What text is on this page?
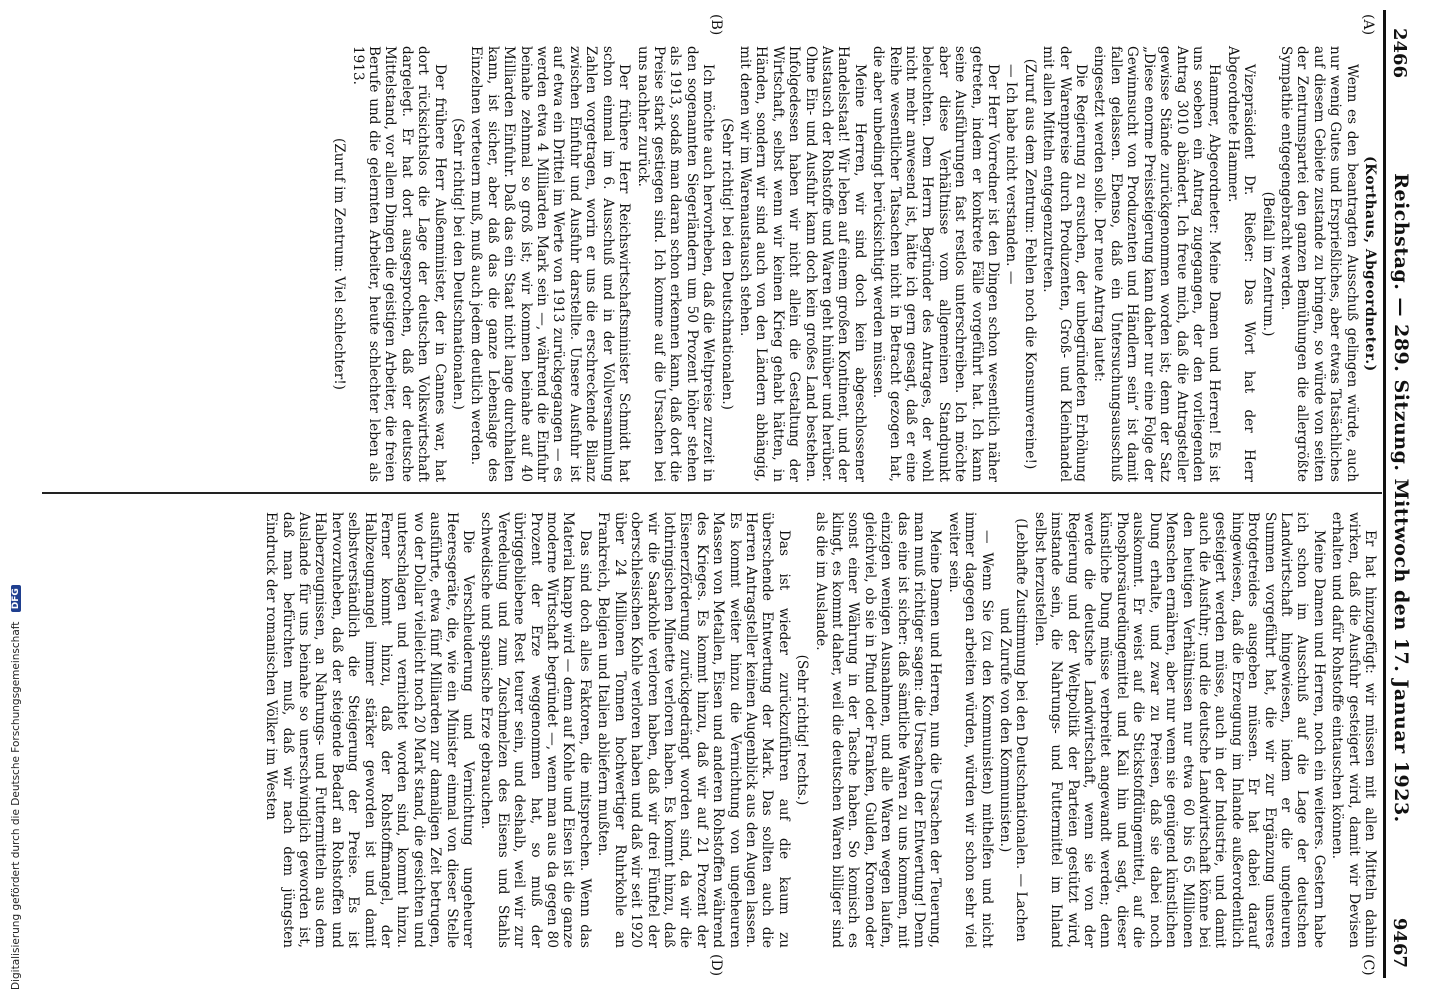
2466
Reichstag. — 289. Sitzung. Mittwoch den 17. Januar 1923.
9467
(A)
(B)
(C)
(D)

(Korthaus, Abgeordneter.)

Wenn es den beantragten Ausschuß gelingen würde, auch nur wenig Gutes und Ersprießliches, aber etwas Tatsächliches auf diesem Gebiete zustande zu bringen, so würde von seiten der Zentrumspartei den ganzen Bemühungen die allergrößte Sympathie entgegengebracht werden.

(Beifall im Zentrum.)

Vizepräsident Dr. Rießer: Das Wort hat der Herr Abgeordnete Hammer.

Hammer, Abgeordneter: Meine Damen und Herren! Es ist uns soeben ein Antrag zugegangen, der den vorliegenden Antrag 3010 abändert. Ich freue mich, daß die Antragsteller gewisse Stände zurückgenommen worden ist; denn der Satz „Diese enorme Preissteigerung kann daher nur eine Folge der Gewinnsucht von Produzenten und Händlern sein“ ist damit fallen gelassen. Ebenso, daß ein Untersuchungsausschuß eingesetzt werden solle. Der neue Antrag lautet:

Die Regierung zu ersuchen, der unbegründeten Erhöhung der Warenpreise durch Produzenten, Groß- und Kleinhandel mit allen Mitteln entgegenzutreten.

(Zuruf aus dem Zentrum: Fehlen noch die Konsumvereine!)

— Ich habe nicht verstanden. —

Der Herr Vorredner ist den Dingen schon wesentlich näher getreten, indem er konkrete Fälle vorgeführt hat. Ich kann seine Ausführungen fast restlos unterschreiben. Ich möchte aber diese Verhältnisse vom allgemeinen Standpunkt beleuchten. Dem Herrn Begründer des Antrages, der wohl nicht mehr anwesend ist, hätte ich gern gesagt, daß er eine Reihe wesentlicher Tatsachen nicht in Betracht gezogen hat, die aber unbedingt berücksichtigt werden müssen.

Meine Herren, wir sind doch kein abgeschlossener Handelsstaat! Wir leben auf einem großen Kontinent, und der Austausch der Rohstoffe und Waren geht hinüber und herüber. Ohne Ein- und Ausfuhr kann doch kein großes Land bestehen. Infolgedessen haben wir nicht allein die Gestaltung der Wirtschaft, selbst wenn wir keinen Krieg gehabt hätten, in Händen, sondern wir sind auch von den Ländern abhängig, mit denen wir im Warenaustausch stehen.

(Sehr richtig! bei den Deutschnationalen.)

Ich möchte auch hervorheben, daß die Weltpreise zurzeit in den sogenannten Siegerländern um 50 Prozent höher stehen als 1913, sodaß man daran schon erkennen kann, daß dort die Preise stark gestiegen sind. Ich komme auf die Ursachen bei uns nachher zurück.

Der frühere Herr Reichswirtschaftsminister Schmidt hat schon einmal im 6. Ausschuß und in der Vollversammlung Zahlen vorgetragen, worin er uns die erschreckende Bilanz zwischen Einfuhr und Ausfuhr darstellte. Unsere Ausfuhr ist auf etwa ein Drittel im Werte von 1913 zurückgegangen — es werden etwa 4 Milliarden Mark sein —, während die Einfuhr beinahe zehnmal so groß ist; wir kommen beinahe auf 40 Milliarden Einfuhr. Daß das ein Staat nicht lange durchhalten kann, ist sicher, aber daß das die ganze Lebenslage des Einzelnen verteuern muß, muß auch jedem deutlich werden.

(Sehr richtig! bei den Deutschnationalen.)

Der frühere Herr Außenminister, der in Cannes war, hat dort rücksichtslos die Lage der deutschen Volkswirtschaft dargelegt. Er hat dort ausgesprochen, daß der deutsche Mittelstand, vor allem Dingen die geistigen Arbeiter, die freien Berufe und die gelernten Arbeiter, heute schlechter leben als 1913.

(Zuruf im Zentrum: Viel schlechter!)

Er hat hinzugefügt: wir müssen mit allen Mitteln dahin wirken, daß die Ausfuhr gesteigert wird, damit wir Devisen erhalten und dafür Rohstoffe eintauschen können.

Meine Damen und Herren, noch ein weiteres. Gestern habe ich schon im Ausschuß auf die Lage der deutschen Landwirtschaft hingewiesen, indem er die ungeheuren Summen vorgeführt hat, die wir zur Ergänzung unseres Brotgetreides ausgeben müssen. Er hat dabei darauf hingewiesen, daß die Erzeugung im Inlande außerordentlich gesteigert werden müsse, auch in der Industrie, und damit auch die Ausfuhr; und die deutsche Landwirtschaft könne bei den heutigen Verhältnissen nur etwa 60 bis 65 Millionen Menschen ernähren, aber nur wenn sie genügend künstlichen Dung erhalte, und zwar zu Preisen, daß sie dabei noch auskommt. Er weist auf die Stickstoffdüngemittel, auf die Phosphorsäuredüngemittel und Kali hin und sagt, dieser künstliche Dung müsse verbreitet angewandt werden; denn werde die deutsche Landwirtschaft, wenn sie von der Regierung und der Weltpolitik der Parteien gestützt wird, imstande sein, die Nahrungs- und Futtermittel im Inland selbst herzustellen.

(Lebhafte Zustimmung bei den Deutschnationalen. — Lachen und Zurufe von den Kommunisten.)

— Wenn Sie (zu den Kommunisten) mithelfen und nicht immer dagegen arbeiten würden, würden wir schon sehr viel weiter sein.

Meine Damen und Herren, nun die Ursachen der Teuerung, man muß richtiger sagen: die Ursachen der Entwertung! Denn das eine ist sicher: daß sämtliche Waren zu uns kommen, mit einzigen wenigen Ausnahmen, und alle Waren wegen laufen, gleichviel, ob sie in Pfund oder Franken, Gulden, Kronen oder sonst einer Währung in der Tasche haben. So komisch es klingt, es kommt daher, weil die deutschen Waren billiger sind als die im Auslande.

(Sehr richtig! rechts.)

Das ist wieder zurückzuführen auf die kaum zu überschende Entwertung der Mark. Das sollten auch die Herren Antragsteller keinen Augenblick aus den Augen lassen. Es kommt weiter hinzu die Vernichtung von ungeheuren Massen von Metallen, Eisen und anderen Rohstoffen während des Krieges. Es kommt hinzu, daß wir auf 21 Prozent der Eisenerzförderung zurückgedrängt worden sind, da wir die lothringischen Minette verloren haben. Es kommt hinzu, daß wir die Saarkohle verloren haben, daß wir drei Fünftel der oberschlesischen Kohle verloren haben und daß wir seit 1920 über 24 Millionen Tonnen hochwertiger Ruhrkohle an Frankreich, Belgien und Italien abliefern mußten.

Das sind doch alles Faktoren, die mitsprechen. Wenn das Material knapp wird — denn auf Kohle und Eisen ist die ganze moderne Wirtschaft begründet —, wenn man aus da gegen 80 Prozent der Erze weggenommen hat, so muß der übriggebliebene Rest teurer sein, und deshalb, weil wir zur Veredelung und zum Zuschmelzen des Eisens und Stahls schwedische und spanische Erze gebrauchen.

Die Verschleuderung und Vernichtung ungeheurer Heeresgeräte, die, wie ein Minister einmal von dieser Stelle ausführte, etwa fünf Milliarden zur damaligen Zeit betrugen, wo der Dollar vielleicht noch 20 Mark stand, die gesichten und unterschlagen und vernichtet worden sind, kommt hinzu. Ferner kommt hinzu, daß der Rohstoffmangel, der Halbzeugmangel immer stärker geworden ist und damit selbstverständlich die Steigerung der Preise. Es ist hervorzuheben, daß der steigende Bedarf an Rohstoffen und Halberzeugnissen, an Nahrungs- und Futtermitteln aus dem Auslande für uns beinahe so unerschwinglich geworden ist, daß man befürchten muß, daß wir nach dem jüngsten Eindruck der romanischen Völker im Westen

Digitalisierung gefördert durch die Deutsche Forschungsgemeinschaft DFG
